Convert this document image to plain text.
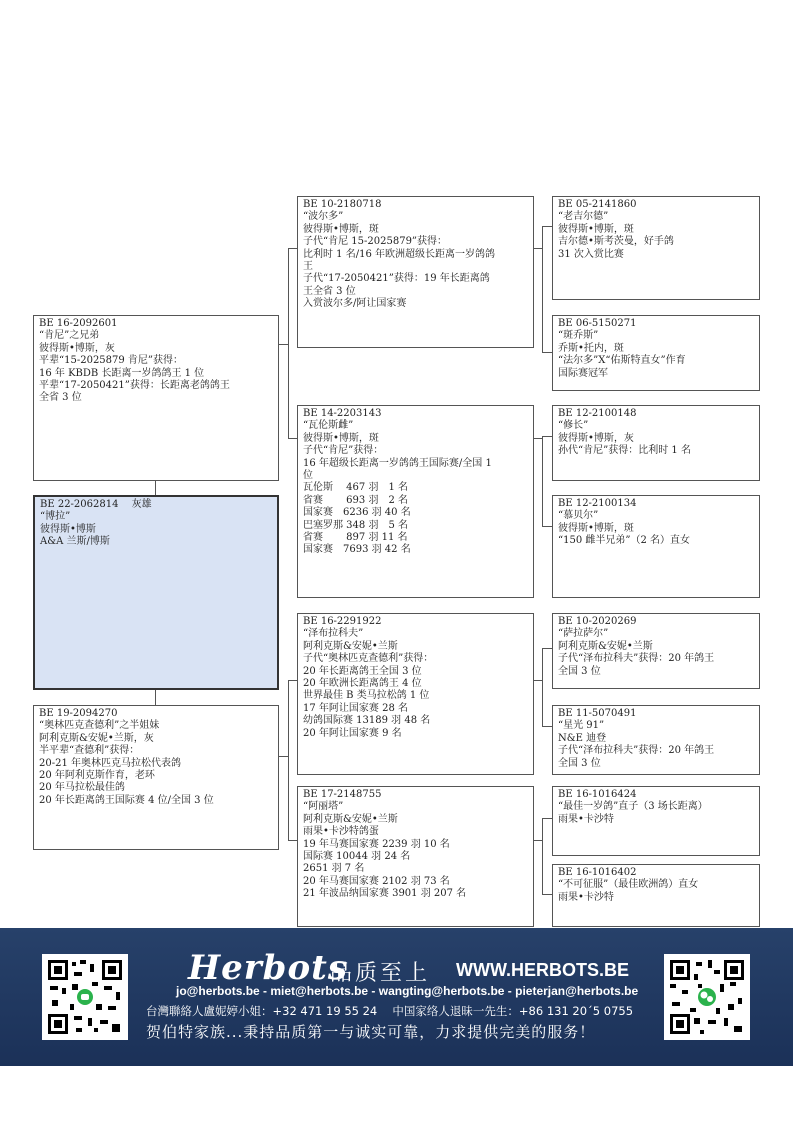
BE 16-2092601
“肯尼”之兄弟
彼得斯•博斯，灰
平辈“15-2025879 肯尼”获得：
16 年 KBDB 长距离一岁鸽鸽王 1 位
平辈“17-2050421”获得：长距离老鸽鸽王
全省 3 位
BE 22-2062814　 灰雄
“博拉”
彼得斯•博斯
A&A 兰斯/博斯
BE 19-2094270
“奥林匹克查德利”之半姐妹
阿利克斯&安妮•兰斯，灰
半平辈“查德利”获得：
20-21 年奥林匹克马拉松代表鸽
20 年阿利克斯作育，老环
20 年马拉松最佳鸽
20 年长距离鸽王国际赛 4 位/全国 3 位
BE 10-2180718
“波尔多”
彼得斯•博斯，斑
子代“肯尼 15-2025879”获得：
比利时 1 名/16 年欧洲超级长距离一岁鸽鸽
王
子代“17-2050421”获得：19 年长距离鸽
王全省 3 位
入赏波尔多/阿让国家赛
BE 14-2203143
“瓦伦斯雌”
彼得斯•博斯，斑
子代“肯尼”获得：
16 年超级长距离一岁鸽鸽王国际赛/全国 1
位
瓦伦斯　 467 羽　1 名
省赛　　 693 羽　2 名
国家赛　6236 羽 40 名
巴塞罗那 348 羽　5 名
省赛　　 897 羽 11 名
国家赛　7693 羽 42 名
BE 16-2291922
“泽布拉科夫”
阿利克斯&安妮•兰斯
子代“奥林匹克查德利”获得：
20 年长距离鸽王全国 3 位
20 年欧洲长距离鸽王 4 位
世界最佳 B 类马拉松鸽 1 位
17 年阿让国家赛 28 名
幼鸽国际赛 13189 羽 48 名
20 年阿让国家赛 9 名
BE 17-2148755
“阿丽塔”
阿利克斯&安妮•兰斯
雨果•卡沙特鸽蛋
19 年马赛国家赛 2239 羽 10 名
国际赛 10044 羽 24 名
2651 羽 7 名
20 年马赛国家赛 2102 羽 73 名
21 年波品纳国家赛 3901 羽 207 名
BE 05-2141860
“老吉尔德”
彼得斯•博斯，斑
吉尔德•斯考茨曼，好手鸽
31 次入赏比赛
BE 06-5150271
“斑乔斯”
乔斯•托内，斑
“法尔多”X“佑斯特直女”作育
国际赛冠军
BE 12-2100148
“修长”
彼得斯•博斯，灰
孙代“肯尼”获得：比利时 1 名
BE 12-2100134
“慕贝尔”
彼得斯•博斯，斑
“150 雌半兄弟”（2 名）直女
BE 10-2020269
“萨拉萨尔”
阿利克斯&安妮•兰斯
子代“泽布拉科夫”获得：20 年鸽王
全国 3 位
BE 11-5070491
“星光 91”
N&E 迪登
子代“泽布拉科夫”获得：20 年鸽王
全国 3 位
BE 16-1016424
“最佳一岁鸽”直子（3 场长距离）
雨果•卡沙特
BE 16-1016402
“不可征服”（最佳欧洲鸽）直女
雨果•卡沙特
Herbots
品质至上 WWW.HERBOTS.BE
jo@herbots.be - miet@herbots.be - wangting@herbots.be - pieterjan@herbots.be
台灣聯絡人盧妮婷小姐：+32 471 19 55 24　 中国家络人退昧一先生：+86 131 20´5 0755
贺伯特家族...秉持品质第一与诚实可靠，力求提供完美的服务！
